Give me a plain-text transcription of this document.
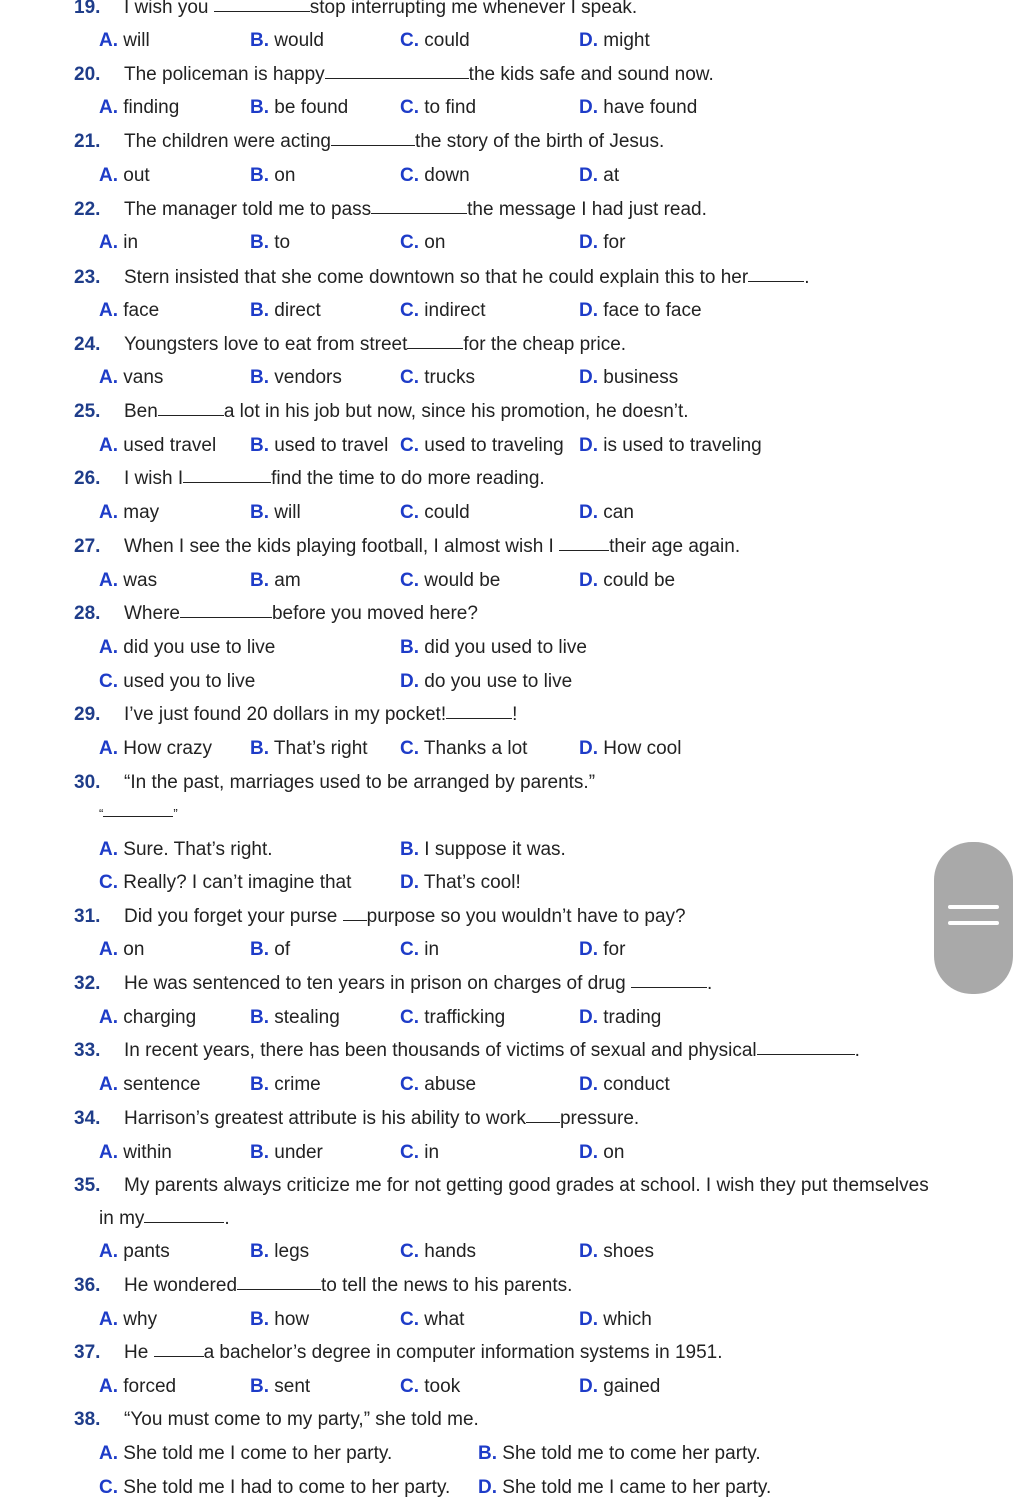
19. I wish you	stop interrupting me whenever I speak.
A. will	B. would	C. could	D. might
20. The policeman is happy	the kids safe and sound now.
A. finding	B. be found	C. to find	D. have found
21. The children were acting	the story of the birth of Jesus.
A. out	B. on	C. down	D. at
22. The manager told me to pass	the message I had just read.
A. in	B. to	C. on	D. for
23. Stern insisted that she come downtown so that he could explain this to her	.
A. face	B. direct	C. indirect	D. face to face
24. Youngsters love to eat from street	for the cheap price.
A. vans	B. vendors	C. trucks	D. business
25. Ben	a lot in his job but now, since his promotion, he doesn’t.
A. used travel B. used to travel C. used to traveling D. is used to traveling
26. I wish I	find the time to do more reading.
A. may	B. will	C. could	D. can
27. When I see the kids playing football, I almost wish I	their age again.
A. was	B. am	C. would be	D. could be
28. Where	before you moved here?
A. did you use to live	B. did you used to live
C. used you to live	D. do you use to live
29. I’ve just found 20 dollars in my pocket!	!
A. How crazy B. That’s right C. Thanks a lot	D. How cool
30. “In the past, marriages used to be arranged by parents.”
“	”
A. Sure. That’s right.	B. I suppose it was.
C. Really? I can’t imagine that	D. That’s cool!
31. Did you forget your purse purpose so you wouldn’t have to pay?
A. on	B. of	C. in	D. for
32. He was sentenced to ten years in prison on charges of drug	.
A. charging	B. stealing	C. trafficking	D. trading
33. In recent years, there has been thousands of victims of sexual and physical	.
A. sentence	B. crime	C. abuse	D. conduct
34. Harrison’s greatest attribute is his ability to work pressure.
A. within	B. under	C. in	D. on
35. My parents always criticize me for not getting good grades at school. I wish they put themselves
in my	.
A. pants	B. legs	C. hands	D. shoes
36. He wondered	to tell the news to his parents.
A. why	B. how	C. what	D. which
37. He	a bachelor’s degree in computer information systems in 1951.
A. forced	B. sent	C. took	D. gained
38. “You must come to my party,” she told me.
A. She told me I come to her party.	B. She told me to come her party.
C. She told me I had to come to her party. D. She told me I came to her party.
